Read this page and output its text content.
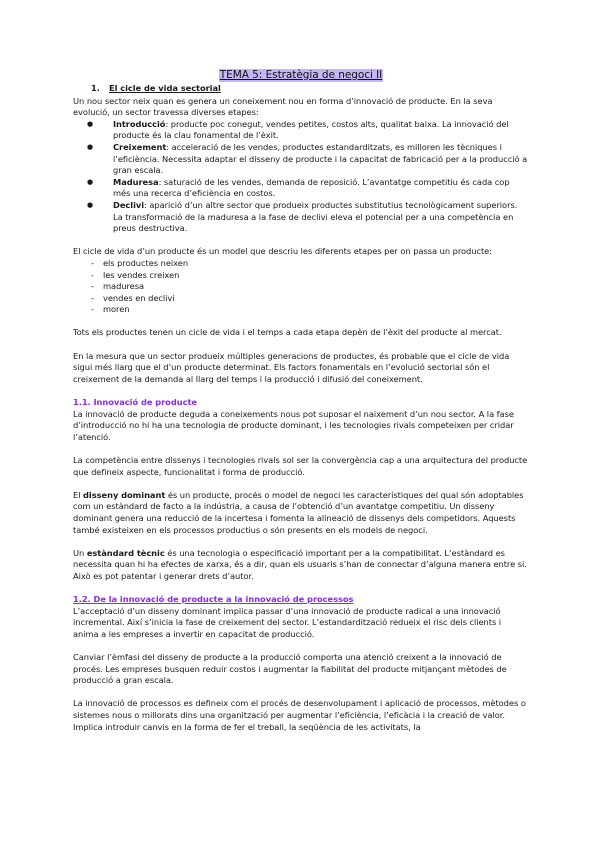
TEMA 5: Estratègia de negoci II
1. El cicle de vida sectorial

Un nou sector neix quan es genera un coneixement nou en forma d’innovació de producte. En la seva evolució, un sector travessa diverses etapes:

● Introducció: producte poc conegut, vendes petites, costos alts, qualitat baixa. La innovació del producte és la clau fonamental de l’èxit.
● Creixement: acceleració de les vendes, productes estandarditzats, es milloren les tècniques i l’eficiència. Necessita adaptar el disseny de producte i la capacitat de fabricació per a la producció a gran escala.
● Maduresa: saturació de les vendes, demanda de reposició. L’avantatge competitiu és cada cop més una recerca d’eficiència en costos.
● Declivi: aparició d’un altre sector que produeix productes substitutius tecnològicament superiors. La transformació de la maduresa a la fase de declivi eleva el potencial per a una competència en preus destructiva.

El cicle de vida d’un producte és un model que descriu les diferents etapes per on passa un producte:

- els productes neixen
- les vendes creixen
- maduresa
- vendes en declivi
- moren

Tots els productes tenen un cicle de vida i el temps a cada etapa depèn de l’èxit del producte al mercat.

En la mesura que un sector produeix múltiples generacions de productes, és probable que el cicle de vida sigui més llarg que el d’un producte determinat. Els factors fonamentals en l’evolució sectorial són el creixement de la demanda al llarg del temps i la producció i difusió del coneixement.

1.1. Innovació de producte

La innovació de producte deguda a coneixements nous pot suposar el naixement d’un nou sector. A la fase d’introducció no hi ha una tecnologia de producte dominant, i les tecnologies rivals competeixen per cridar l’atenció.

La competència entre dissenys i tecnologies rivals sol ser la convergència cap a una arquitectura del producte que defineix aspecte, funcionalitat i forma de producció.

El disseny dominant és un producte, procés o model de negoci les característiques del qual són adoptables com un estàndard de facto a la indústria, a causa de l’obtenció d’un avantatge competitiu. Un disseny dominant genera una reducció de la incertesa i fomenta la alineació de dissenys dels competidors. Aquests també existeixen en els processos productius o són presents en els models de negoci.

Un estàndard tècnic és una tecnologia o especificació important per a la compatibilitat. L’estàndard es necessita quan hi ha efectes de xarxa, és a dir, quan els usuaris s’han de connectar d’alguna manera entre si. Això es pot patentar i generar drets d’autor.

1.2. De la innovació de producte a la innovació de processos

L’acceptació d’un disseny dominant implica passar d’una innovació de producte radical a una innovació incremental. Així s’inicia la fase de creixement del sector. L’estandardització redueix el risc dels clients i anima a les empreses a invertir en capacitat de producció.

Canviar l’èmfasi del disseny de producte a la producció comporta una atenció creixent a la innovació de procés. Les empreses busquen reduir costos i augmentar la fiabilitat del producte mitjançant mètodes de producció a gran escala.

La innovació de processos es defineix com el procés de desenvolupament i aplicació de processos, mètodes o sistemes nous o millorats dins una organització per augmentar l’eficiència, l’eficàcia i la creació de valor. Implica introduir canvis en la forma de fer el treball, la seqüència de les activitats, la
